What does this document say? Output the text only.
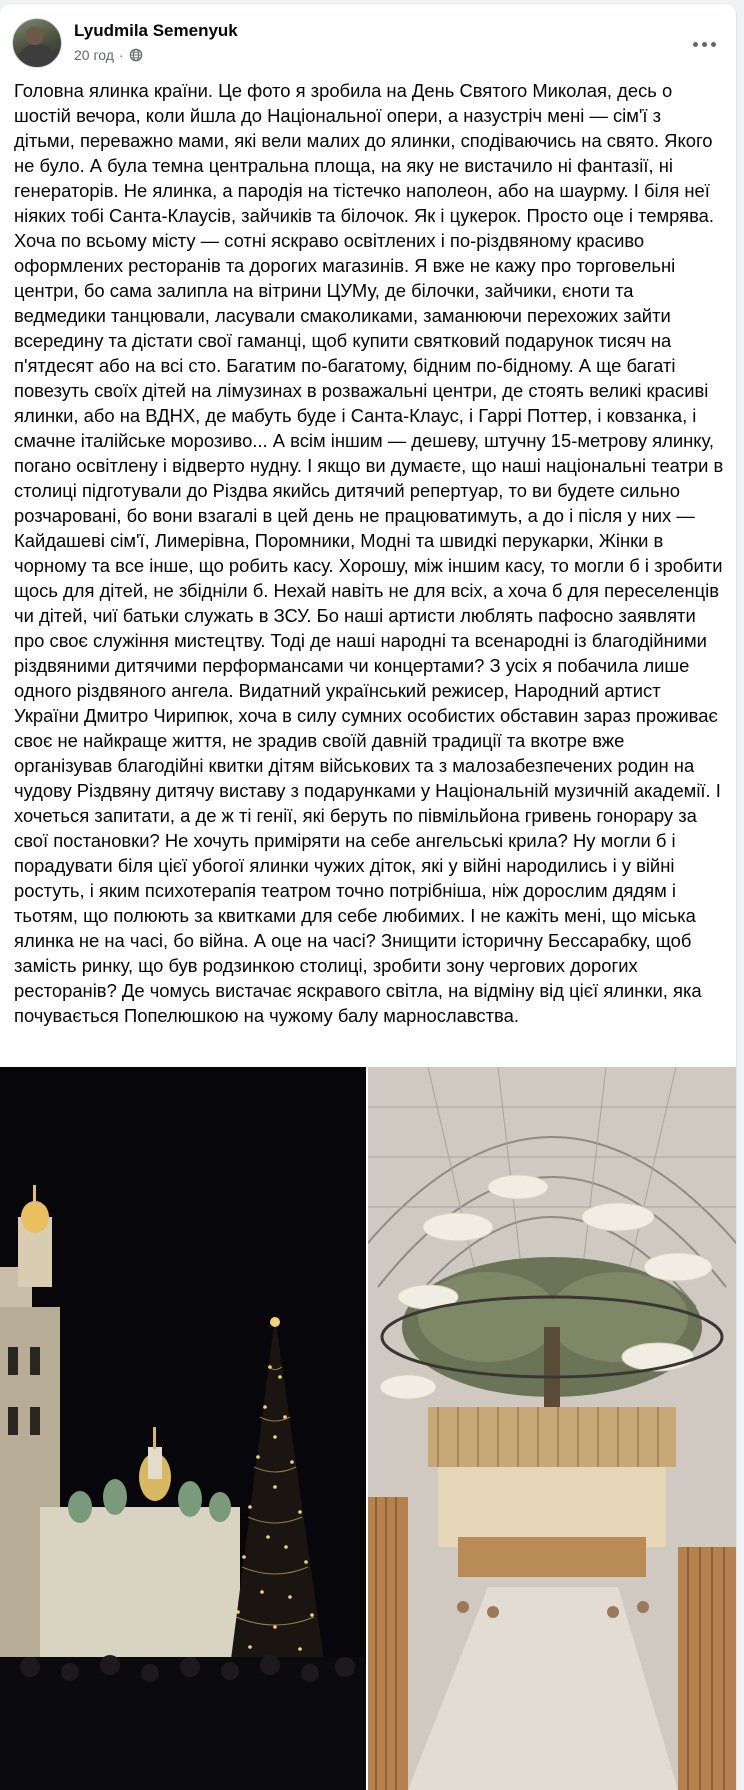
Lyudmila Semenyuk
20 год ·
Головна ялинка країни. Це фото я зробила на День Святого Миколая, десь о шостій вечора, коли йшла до Національної опери, а назустріч мені — сім'ї з дітьми, переважно мами, які вели малих до ялинки, сподіваючись на свято. Якого не було. А була темна центральна площа, на яку не вистачило ні фантазії, ні генераторів. Не ялинка, а пародія на тістечко наполеон, або на шаурму. І біля неї ніяких тобі Санта-Клаусів, зайчиків та білочок. Як і цукерок. Просто оце і темрява. Хоча по всьому місту — сотні яскраво освітлених і по-різдвяному красиво оформлених ресторанів та дорогих магазинів. Я вже не кажу про торговельні центри, бо сама залипла на вітрини ЦУМу, де білочки, зайчики, єноти та ведмедики танцювали, ласували смаколиками, заманюючи перехожих зайти всередину та дістати свої гаманці, щоб купити святковий подарунок тисяч на п'ятдесят або на всі сто. Багатим по-багатому, бідним по-бідному. А ще багаті повезуть своїх дітей на лімузинах в розважальні центри, де стоять великі красиві ялинки, або на ВДНХ, де мабуть буде і Санта-Клаус, і Гаррі Поттер, і ковзанка, і смачне італійське морозиво... А всім іншим — дешеву, штучну 15-метрову ялинку, погано освітлену і відверто нудну. І якщо ви думаєте, що наші національні театри в столиці підготували до Різдва якийсь дитячий репертуар, то ви будете сильно розчаровані, бо вони взагалі в цей день не працюватимуть, а до і після у них — Кайдашеві сім'ї, Лимерівна, Поромники, Модні та швидкі перукарки, Жінки в чорному та все інше, що робить касу. Хорошу, між іншим касу, то могли б і зробити щось для дітей, не збідніли б. Нехай навіть не для всіх, а хоча б для переселенців чи дітей, чиї батьки служать в ЗСУ. Бо наші артисти люблять пафосно заявляти про своє служіння мистецтву. Тоді де наші народні та всенародні із благодійними різдвяними дитячими перформансами чи концертами? З усіх я побачила лише одного різдвяного ангела. Видатний український режисер, Народний артист України Дмитро Чирипюк, хоча в силу сумних особистих обставин зараз проживає своє не найкраще життя, не зрадив своїй давній традиції та вкотре вже організував благодійні квитки дітям військових та з малозабезпечених родин на чудову Різдвяну дитячу виставу з подарунками у Національній музичній академії. І хочеться запитати, а де ж ті генії, які беруть по півмільйона гривень гонорару за свої постановки? Не хочуть приміряти на себе ангельські крила? Ну могли б і порадувати біля цієї убогої ялинки чужих діток, які у війні народились і у війні ростуть, і яким психотерапія театром точно потрібніша, ніж дорослим дядям і тьотям, що полюють за квитками для себе любимих. І не кажіть мені, що міська ялинка не на часі, бо війна. А оце на часі? Знищити історичну Бессарабку, щоб замість ринку, що був родзинкою столиці, зробити зону чергових дорогих ресторанів? Де чомусь вистачає яскравого світла, на відміну від цієї ялинки, яка почувається Попелюшкою на чужому балу марнославства.
